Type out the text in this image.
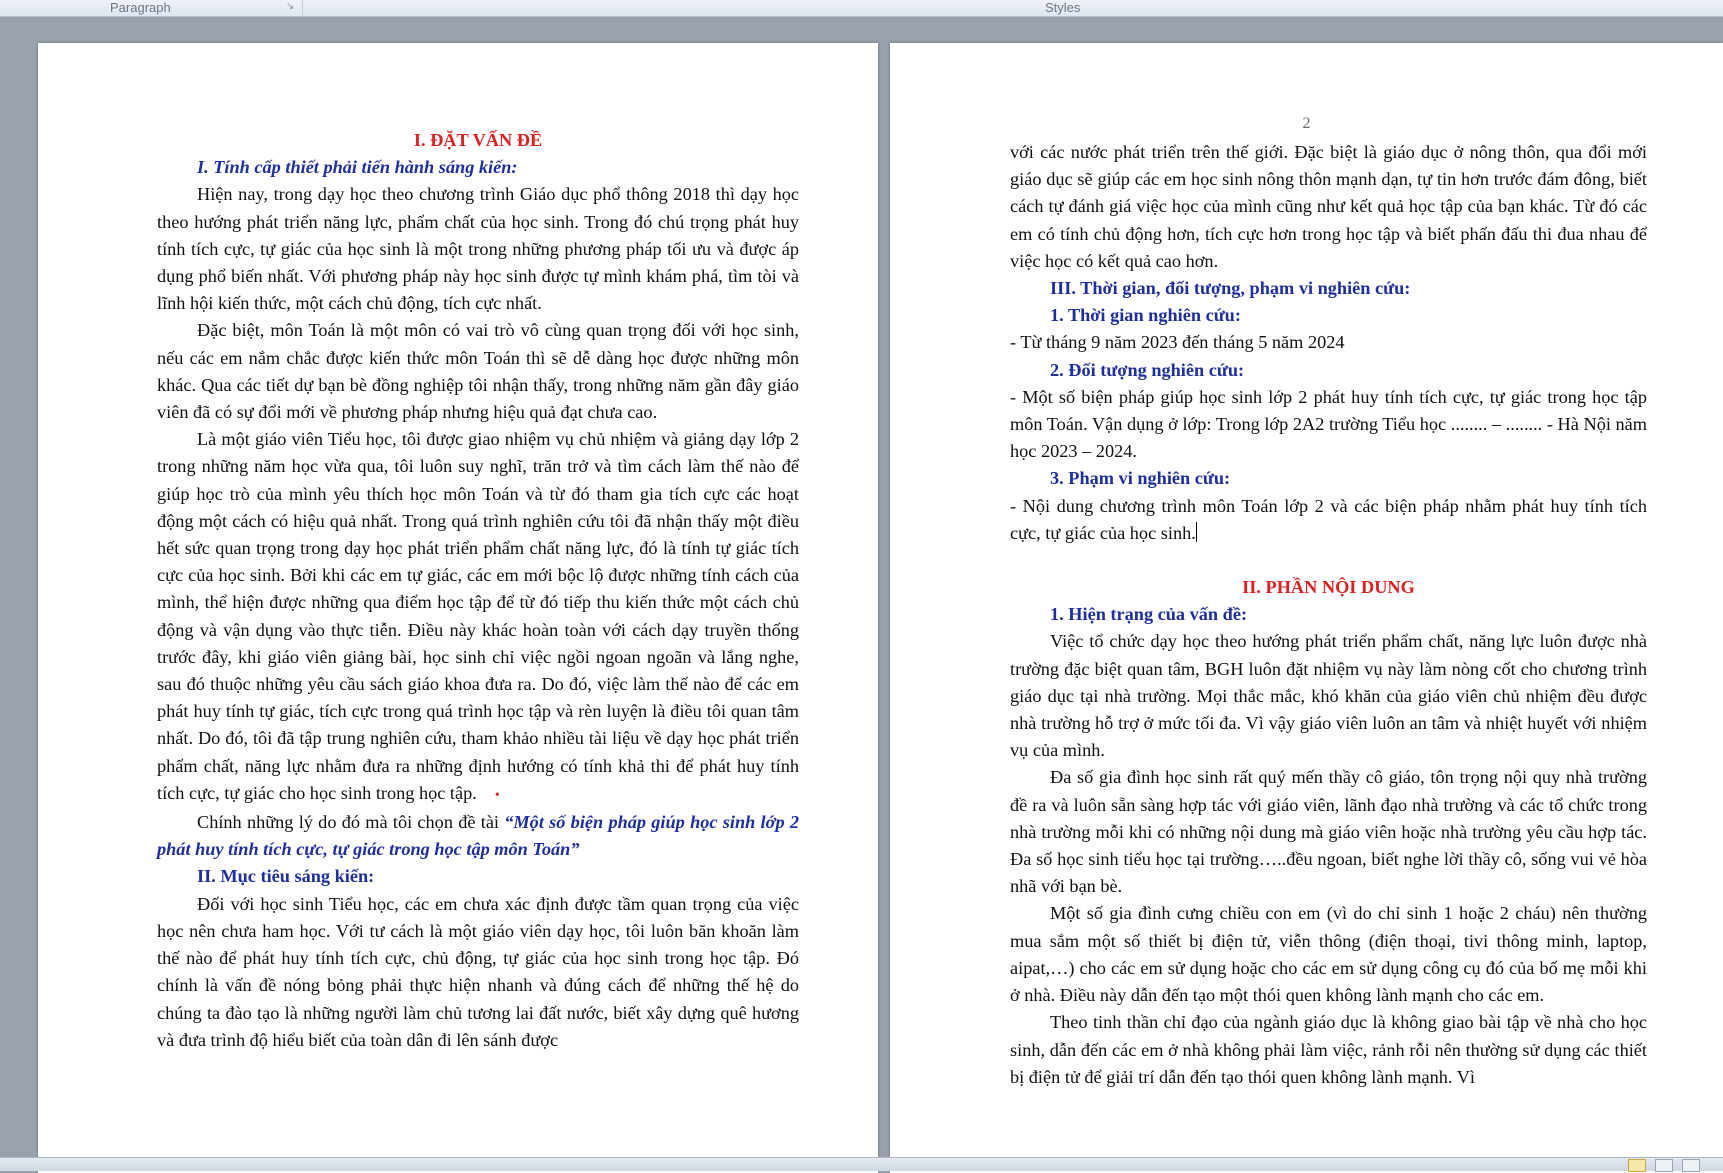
Paragraph	↘	Styles

I. ĐẶT VẤN ĐỀ

I. Tính cấp thiết phải tiến hành sáng kiến:

Hiện nay, trong dạy học theo chương trình Giáo dục phổ thông 2018 thì dạy học theo hướng phát triển năng lực, phẩm chất của học sinh. Trong đó chú trọng phát huy tính tích cực, tự giác của học sinh là một trong những phương pháp tối ưu và được áp dụng phổ biến nhất. Với phương pháp này học sinh được tự mình khám phá, tìm tòi và lĩnh hội kiến thức, một cách chủ động, tích cực nhất.

Đặc biệt, môn Toán là một môn có vai trò vô cùng quan trọng đối với học sinh, nếu các em nắm chắc được kiến thức môn Toán thì sẽ dễ dàng học được những môn khác. Qua các tiết dự bạn bè đồng nghiệp tôi nhận thấy, trong những năm gần đây giáo viên đã có sự đổi mới về phương pháp nhưng hiệu quả đạt chưa cao.

Là một giáo viên Tiểu học, tôi được giao nhiệm vụ chủ nhiệm và giảng dạy lớp 2 trong những năm học vừa qua, tôi luôn suy nghĩ, trăn trở và tìm cách làm thế nào để giúp học trò của mình yêu thích học môn Toán và từ đó tham gia tích cực các hoạt động một cách có hiệu quả nhất. Trong quá trình nghiên cứu tôi đã nhận thấy một điều hết sức quan trọng trong dạy học phát triển phẩm chất năng lực, đó là tính tự giác tích cực của học sinh. Bởi khi các em tự giác, các em mới bộc lộ được những tính cách của mình, thể hiện được những qua điểm học tập để từ đó tiếp thu kiến thức một cách chủ động và vận dụng vào thực tiễn. Điều này khác hoàn toàn với cách dạy truyền thống trước đây, khi giáo viên giảng bài, học sinh chỉ việc ngồi ngoan ngoãn và lắng nghe, sau đó thuộc những yêu cầu sách giáo khoa đưa ra. Do đó, việc làm thế nào để các em phát huy tính tự giác, tích cực trong quá trình học tập và rèn luyện là điều tôi quan tâm nhất. Do đó, tôi đã tập trung nghiên cứu, tham khảo nhiều tài liệu về dạy học phát triển phẩm chất, năng lực nhằm đưa ra những định hướng có tính khả thi để phát huy tính tích cực, tự giác cho học sinh trong học tập. •

Chính những lý do đó mà tôi chọn đề tài “Một số biện pháp giúp học sinh lớp 2 phát huy tính tích cực, tự giác trong học tập môn Toán”

II. Mục tiêu sáng kiến:

Đối với học sinh Tiểu học, các em chưa xác định được tầm quan trọng của việc học nên chưa ham học. Với tư cách là một giáo viên dạy học, tôi luôn băn khoăn làm thế nào để phát huy tính tích cực, chủ động, tự giác của học sinh trong học tập. Đó chính là vấn đề nóng bỏng phải thực hiện nhanh và đúng cách để những thế hệ do chúng ta đào tạo là những người làm chủ tương lai đất nước, biết xây dựng quê hương và đưa trình độ hiểu biết của toàn dân đi lên sánh được

2

với các nước phát triển trên thế giới. Đặc biệt là giáo dục ở nông thôn, qua đổi mới giáo dục sẽ giúp các em học sinh nông thôn mạnh dạn, tự tin hơn trước đám đông, biết cách tự đánh giá việc học của mình cũng như kết quả học tập của bạn khác. Từ đó các em có tính chủ động hơn, tích cực hơn trong học tập và biết phấn đấu thi đua nhau để việc học có kết quả cao hơn.

III. Thời gian, đối tượng, phạm vi nghiên cứu:

1. Thời gian nghiên cứu:

- Từ tháng 9 năm 2023 đến tháng 5 năm 2024

2. Đối tượng nghiên cứu:

- Một số biện pháp giúp học sinh lớp 2 phát huy tính tích cực, tự giác trong học tập môn Toán. Vận dụng ở lớp: Trong lớp 2A2 trường Tiểu học ........ – ........ - Hà Nội năm học 2023 – 2024.

3. Phạm vi nghiên cứu:

- Nội dung chương trình môn Toán lớp 2 và các biện pháp nhằm phát huy tính tích cực, tự giác của học sinh.

II. PHẦN NỘI DUNG

1. Hiện trạng của vấn đề:

Việc tổ chức dạy học theo hướng phát triển phẩm chất, năng lực luôn được nhà trường đặc biệt quan tâm, BGH luôn đặt nhiệm vụ này làm nòng cốt cho chương trình giáo dục tại nhà trường. Mọi thắc mắc, khó khăn của giáo viên chủ nhiệm đều được nhà trường hỗ trợ ở mức tối đa. Vì vậy giáo viên luôn an tâm và nhiệt huyết với nhiệm vụ của mình.

Đa số gia đình học sinh rất quý mến thầy cô giáo, tôn trọng nội quy nhà trường đề ra và luôn sẵn sàng hợp tác với giáo viên, lãnh đạo nhà trường và các tổ chức trong nhà trường mỗi khi có những nội dung mà giáo viên hoặc nhà trường yêu cầu hợp tác. Đa số học sinh tiểu học tại trường…..đều ngoan, biết nghe lời thầy cô, sống vui vẻ hòa nhã với bạn bè.

Một số gia đình cưng chiều con em (vì do chỉ sinh 1 hoặc 2 cháu) nên thường mua sắm một số thiết bị điện tử, viễn thông (điện thoại, tivi thông minh, laptop, aipat,…) cho các em sử dụng hoặc cho các em sử dụng công cụ đó của bố mẹ mỗi khi ở nhà. Điều này dẫn đến tạo một thói quen không lành mạnh cho các em.

Theo tinh thần chỉ đạo của ngành giáo dục là không giao bài tập về nhà cho học sinh, dẫn đến các em ở nhà không phải làm việc, rảnh rỗi nên thường sử dụng các thiết bị điện tử để giải trí dẫn đến tạo thói quen không lành mạnh. Vì
